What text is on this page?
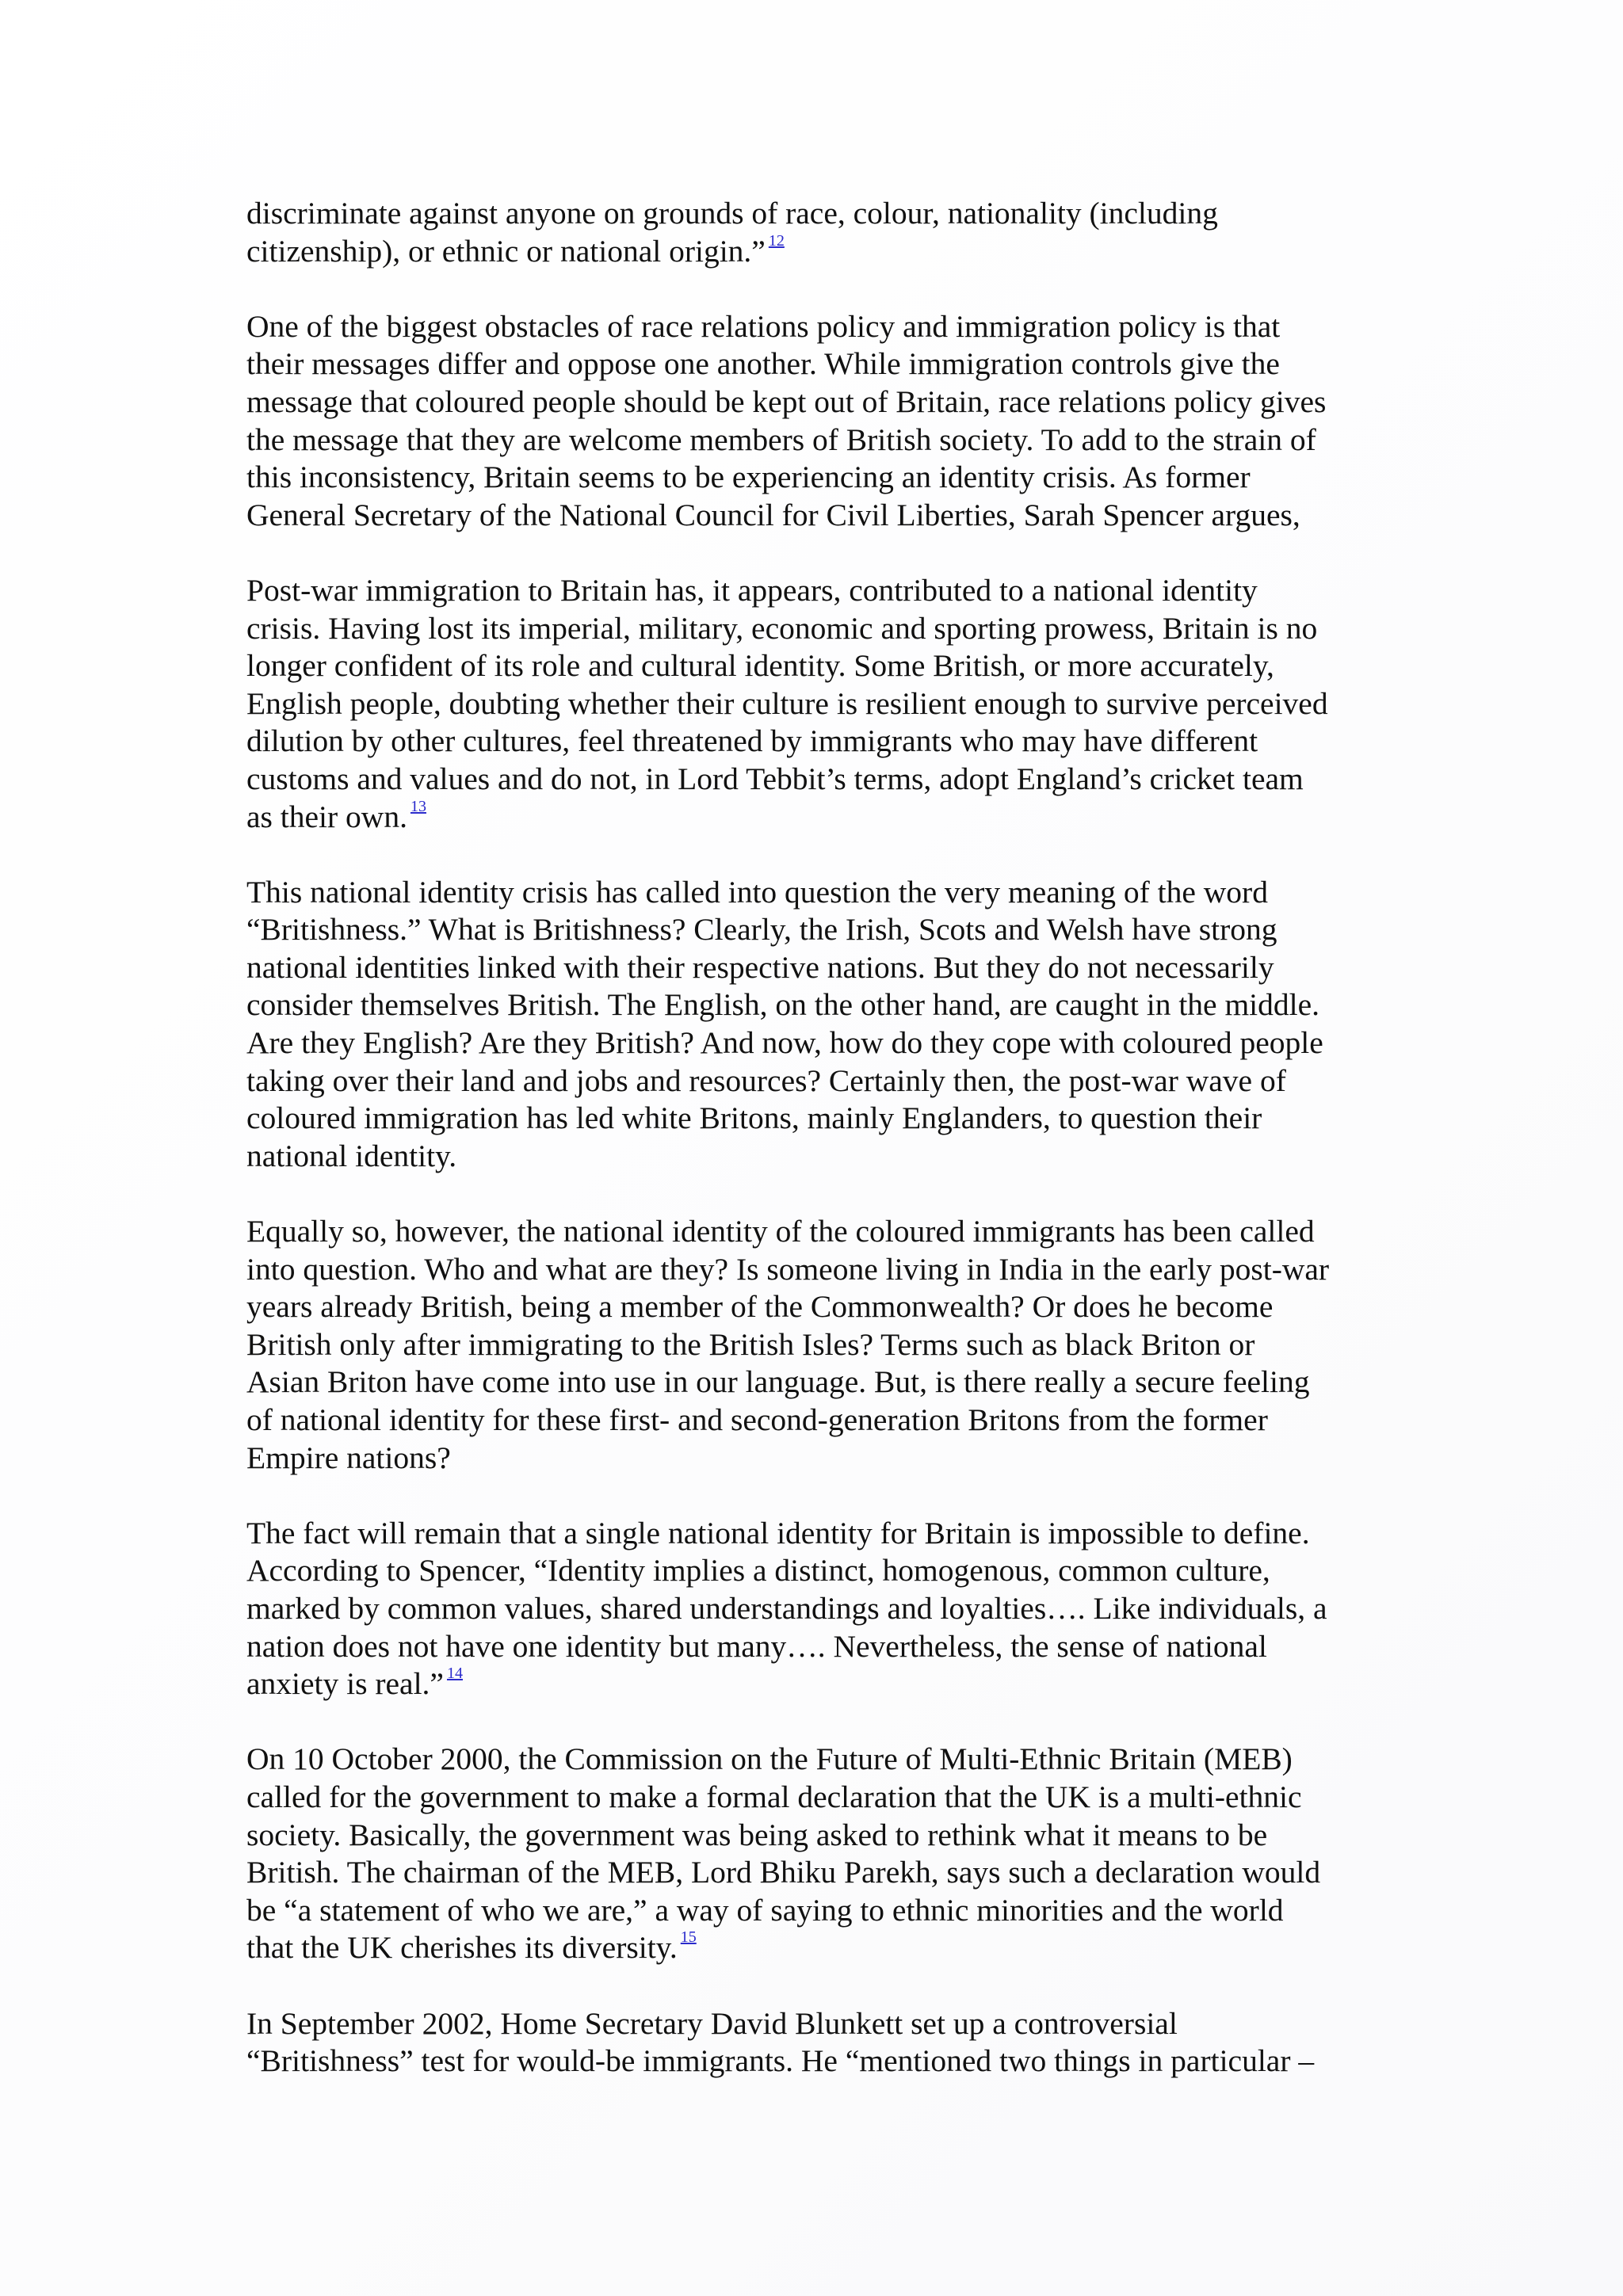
discriminate against anyone on grounds of race, colour, nationality (including
citizenship), or ethnic or national origin.” $^{12}$

One of the biggest obstacles of race relations policy and immigration policy is that
their messages differ and oppose one another. While immigration controls give the
message that coloured people should be kept out of Britain, race relations policy gives
the message that they are welcome members of British society. To add to the strain of
this inconsistency, Britain seems to be experiencing an identity crisis. As former
General Secretary of the National Council for Civil Liberties, Sarah Spencer argues,

Post-war immigration to Britain has, it appears, contributed to a national identity
crisis. Having lost its imperial, military, economic and sporting prowess, Britain is no
longer confident of its role and cultural identity. Some British, or more accurately,
English people, doubting whether their culture is resilient enough to survive perceived
dilution by other cultures, feel threatened by immigrants who may have different
customs and values and do not, in Lord Tebbit’s terms, adopt England’s cricket team
as their own. $^{13}$

This national identity crisis has called into question the very meaning of the word
“Britishness.” What is Britishness? Clearly, the Irish, Scots and Welsh have strong
national identities linked with their respective nations. But they do not necessarily
consider themselves British. The English, on the other hand, are caught in the middle.
Are they English? Are they British? And now, how do they cope with coloured people
taking over their land and jobs and resources? Certainly then, the post-war wave of
coloured immigration has led white Britons, mainly Englanders, to question their
national identity.

Equally so, however, the national identity of the coloured immigrants has been called
into question. Who and what are they? Is someone living in India in the early post-war
years already British, being a member of the Commonwealth? Or does he become
British only after immigrating to the British Isles? Terms such as black Briton or
Asian Briton have come into use in our language. But, is there really a secure feeling
of national identity for these first- and second-generation Britons from the former
Empire nations?

The fact will remain that a single national identity for Britain is impossible to define.
According to Spencer, “Identity implies a distinct, homogenous, common culture,
marked by common values, shared understandings and loyalties…. Like individuals, a
nation does not have one identity but many…. Nevertheless, the sense of national
anxiety is real.” $^{14}$

On 10 October 2000, the Commission on the Future of Multi-Ethnic Britain (MEB)
called for the government to make a formal declaration that the UK is a multi-ethnic
society. Basically, the government was being asked to rethink what it means to be
British. The chairman of the MEB, Lord Bhiku Parekh, says such a declaration would
be “a statement of who we are,” a way of saying to ethnic minorities and the world
that the UK cherishes its diversity. $^{15}$

In September 2002, Home Secretary David Blunkett set up a controversial
“Britishness” test for would-be immigrants. He “mentioned two things in particular –
